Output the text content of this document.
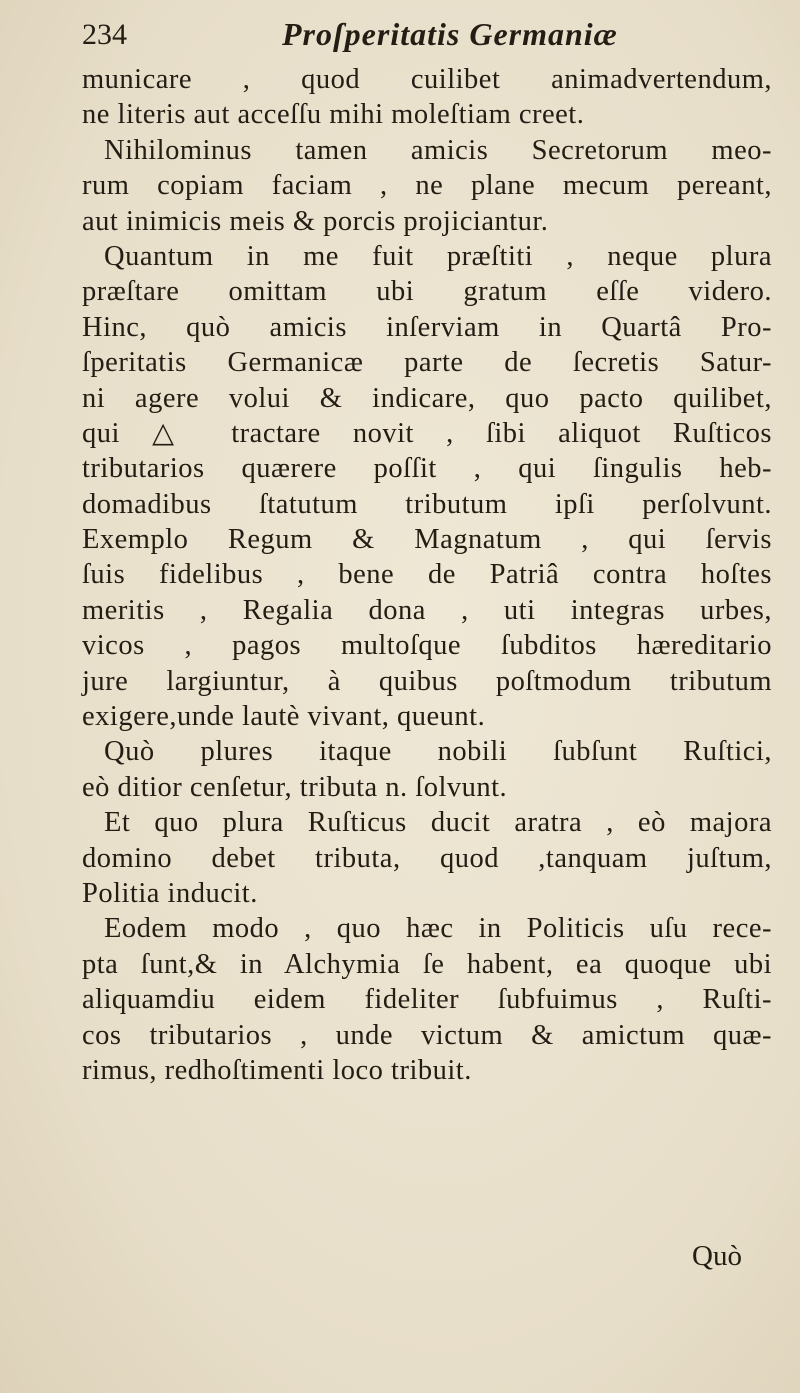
234	Proſperitatis Germaniæ
municare , quod cuilibet animadvertendum,
ne literis aut acceſſu mihi moleſtiam creet.
Nihilominus tamen amicis Secretorum meo-
rum copiam faciam , ne plane mecum pereant,
aut inimicis meis & porcis projiciantur.
Quantum in me fuit præſtiti , neque plura
præſtare omittam ubi gratum eſſe videro.
Hinc, quò amicis inſerviam in Quartâ Pro-
ſperitatis Germanicæ parte de ſecretis Satur-
ni agere volui & indicare, quo pacto quilibet,
qui △ tractare novit , ſibi aliquot Ruſticos
tributarios quærere poſſit , qui ſingulis heb-
domadibus ſtatutum tributum ipſi perſolvunt.
Exemplo Regum & Magnatum , qui ſervis
ſuis fidelibus , bene de Patriâ contra hoſtes
meritis , Regalia dona , uti integras urbes,
vicos , pagos multoſque ſubditos hæreditario
jure largiuntur, à quibus poſtmodum tributum
exigere,unde lautè vivant, queunt.
Quò plures itaque nobili ſubſunt Ruſtici,
eò ditior cenſetur, tributa n. ſolvunt.
Et quo plura Ruſticus ducit aratra , eò majora
domino debet tributa, quod ,tanquam juſtum,
Politia inducit.
Eodem modo , quo hæc in Politicis uſu rece-
pta ſunt,& in Alchymia ſe habent, ea quoque ubi
aliquamdiu eidem fideliter ſubfuimus , Ruſti-
cos tributarios , unde victum & amictum quæ-
rimus, redhoſtimenti loco tribuit.
Quò
